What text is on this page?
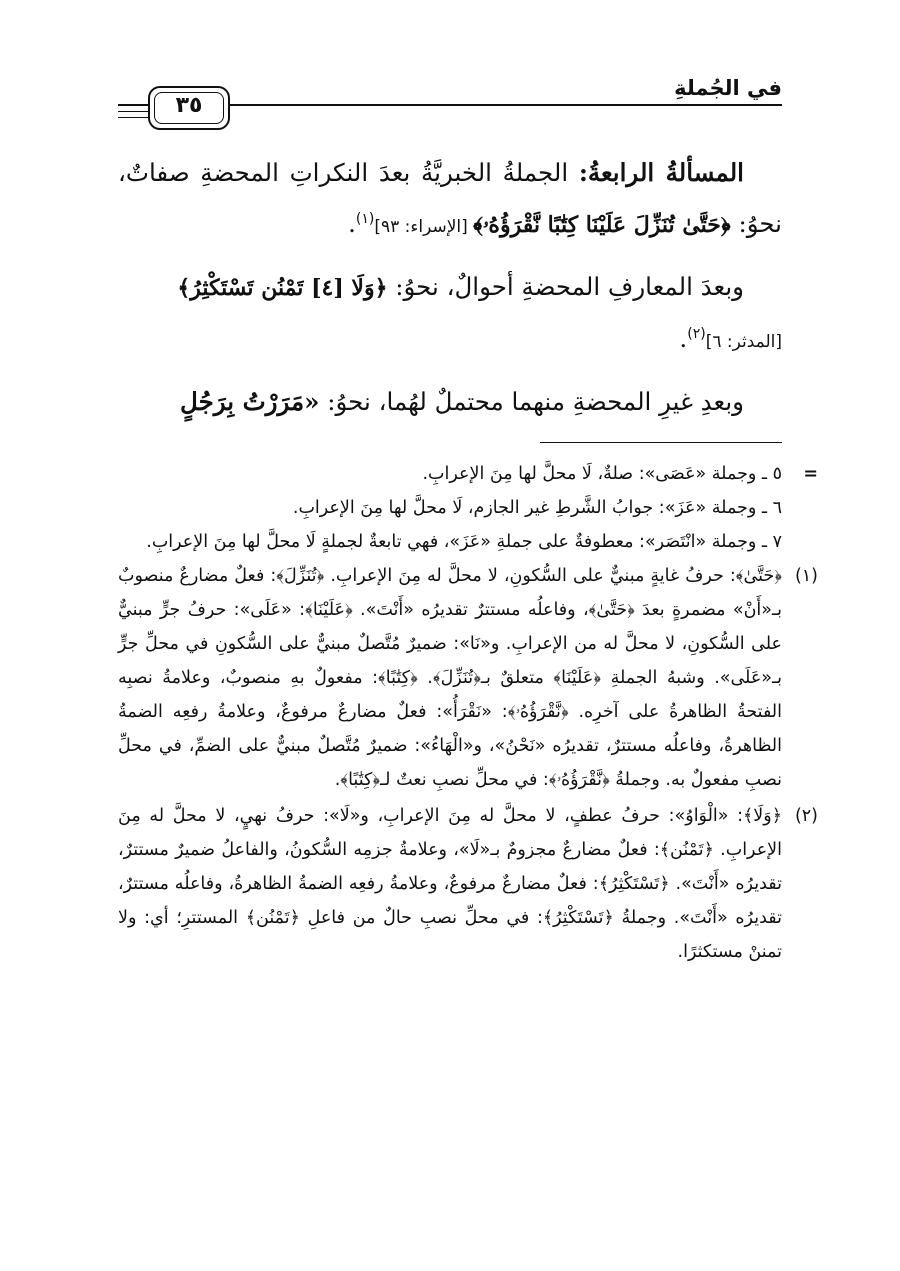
في الجُملةِ
٣٥

المسألةُ الرابعةُ: الجملةُ الخبريَّةُ بعدَ النكراتِ المحضةِ صفاتٌ، نحوُ: ﴿حَتَّىٰ تُنَزِّلَ عَلَيْنَا كِتَٰبًا نَّقْرَؤُهُۥ﴾ [الإسراء: ٩٣]$^{(١)}$.

وبعدَ المعارفِ المحضةِ أحوالٌ، نحوُ: ﴿وَلَا [٤] تَمْنُن تَسْتَكْثِرُ﴾
[المدثر: ٦]$^{(٢)}$.

وبعدِ غيرِ المحضةِ منهما محتملٌ لهُما، نحوُ: «مَرَرْتُ بِرَجُلٍ

=
٥ ـ وجملة «عَصَى»: صلةٌ، لَا محلَّ لها مِنَ الإعرابِ.

٦ ـ وجملة «عَزَ»: جوابُ الشَّرطِ غير الجازم، لَا محلَّ لها مِنَ الإعرابِ.

٧ ـ وجملة «انْتَصَر»: معطوفةٌ على جملةِ «عَزَ»، فهي تابعةٌ لجملةٍ لَا محلَّ لها مِنَ الإعرابِ.

(١)
﴿حَتَّىٰ﴾: حرفُ غايةٍ مبنيٌّ على السُّكونِ، لا محلَّ له مِنَ الإعرابِ. ﴿تُنَزِّلَ﴾: فعلٌ مضارعٌ منصوبٌ بـ«أَنْ» مضمرةٍ بعدَ ﴿حَتَّىٰ﴾، وفاعلُه مستترٌ تقديرُه «أَنْتَ». ﴿عَلَيْنَا﴾: «عَلَى»: حرفُ جرٍّ مبنيٌّ على السُّكونِ، لا محلَّ له من الإعرابِ. و«نَا»: ضميرٌ مُتَّصلٌ مبنيٌّ على السُّكونِ في محلِّ جرٍّ بـ«عَلَى». وشبهُ الجملةِ ﴿عَلَيْنَا﴾ متعلقٌ بـ﴿تُنَزِّلَ﴾. ﴿كِتَٰبًا﴾: مفعولٌ بهِ منصوبٌ، وعلامةُ نصبِه الفتحةُ الظاهرةُ على آخرِه. ﴿نَّقْرَؤُهُۥ﴾: «نَقْرَأُ»: فعلٌ مضارعٌ مرفوعٌ، وعلامةُ رفعِه الضمةُ الظاهرةُ، وفاعلُه مستترٌ، تقديرُه «نَحْنُ»، و«الْهَاءُ»: ضميرٌ مُتَّصلٌ مبنيٌّ على الضمِّ، في محلِّ نصبِ مفعولٌ به. وجملةُ ﴿نَّقْرَؤُهُۥ﴾: في محلِّ نصبِ نعتٌ لـ﴿كِتَٰبًا﴾.
(٢)
﴿وَلَا﴾: «الْوَاوُ»: حرفُ عطفٍ، لا محلَّ له مِنَ الإعرابِ، و«لَا»: حرفُ نهيٍ، لا محلَّ له مِنَ الإعرابِ. ﴿تَمْنُن﴾: فعلٌ مضارعٌ مجزومٌ بـ«لَا»، وعلامةُ جزمِه السُّكونُ، والفاعلُ ضميرٌ مستترٌ، تقديرُه «أَنْتَ». ﴿تَسْتَكْثِرُ﴾: فعلٌ مضارعٌ مرفوعٌ، وعلامةُ رفعِه الضمةُ الظاهرةُ، وفاعلُه مستترٌ، تقديرُه «أَنْتَ». وجملةُ ﴿تَسْتَكْثِرُ﴾: في محلِّ نصبِ حالٌ من فاعلِ ﴿تَمْنُن﴾ المستترِ؛ أي: ولا تمننْ مستكثرًا.
